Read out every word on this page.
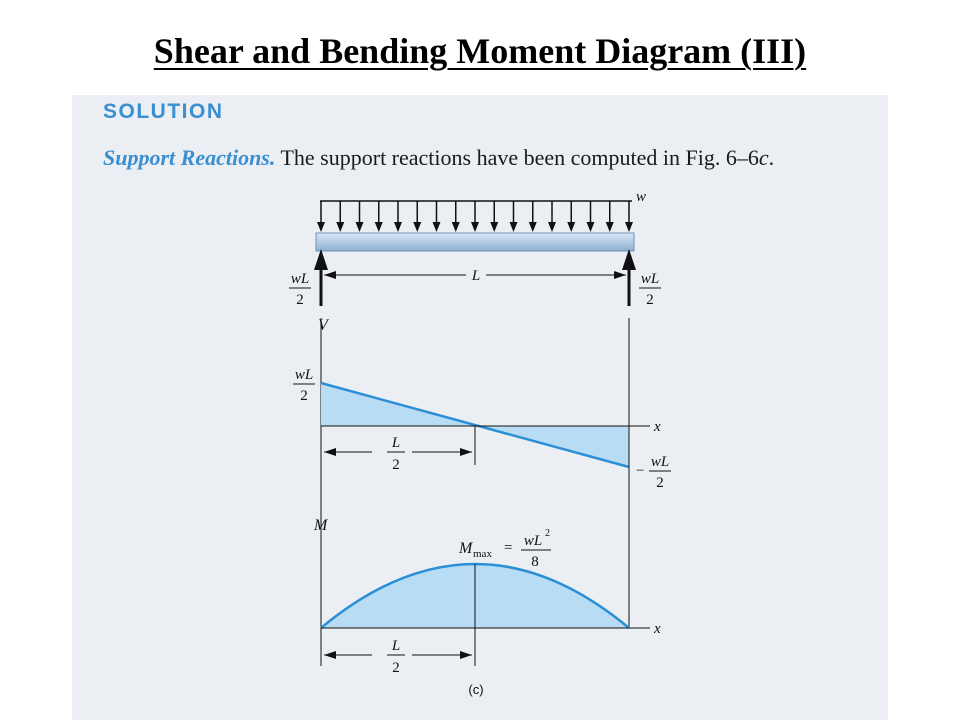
Shear and Bending Moment Diagram (III)
SOLUTION
Support Reactions. The support reactions have been computed in Fig. 6–6c.
w
wL
2
wL
2
L
x
V
wL
2
−
wL
2
L
2
x
M
M max = wL 2
8
L
2
(c)
